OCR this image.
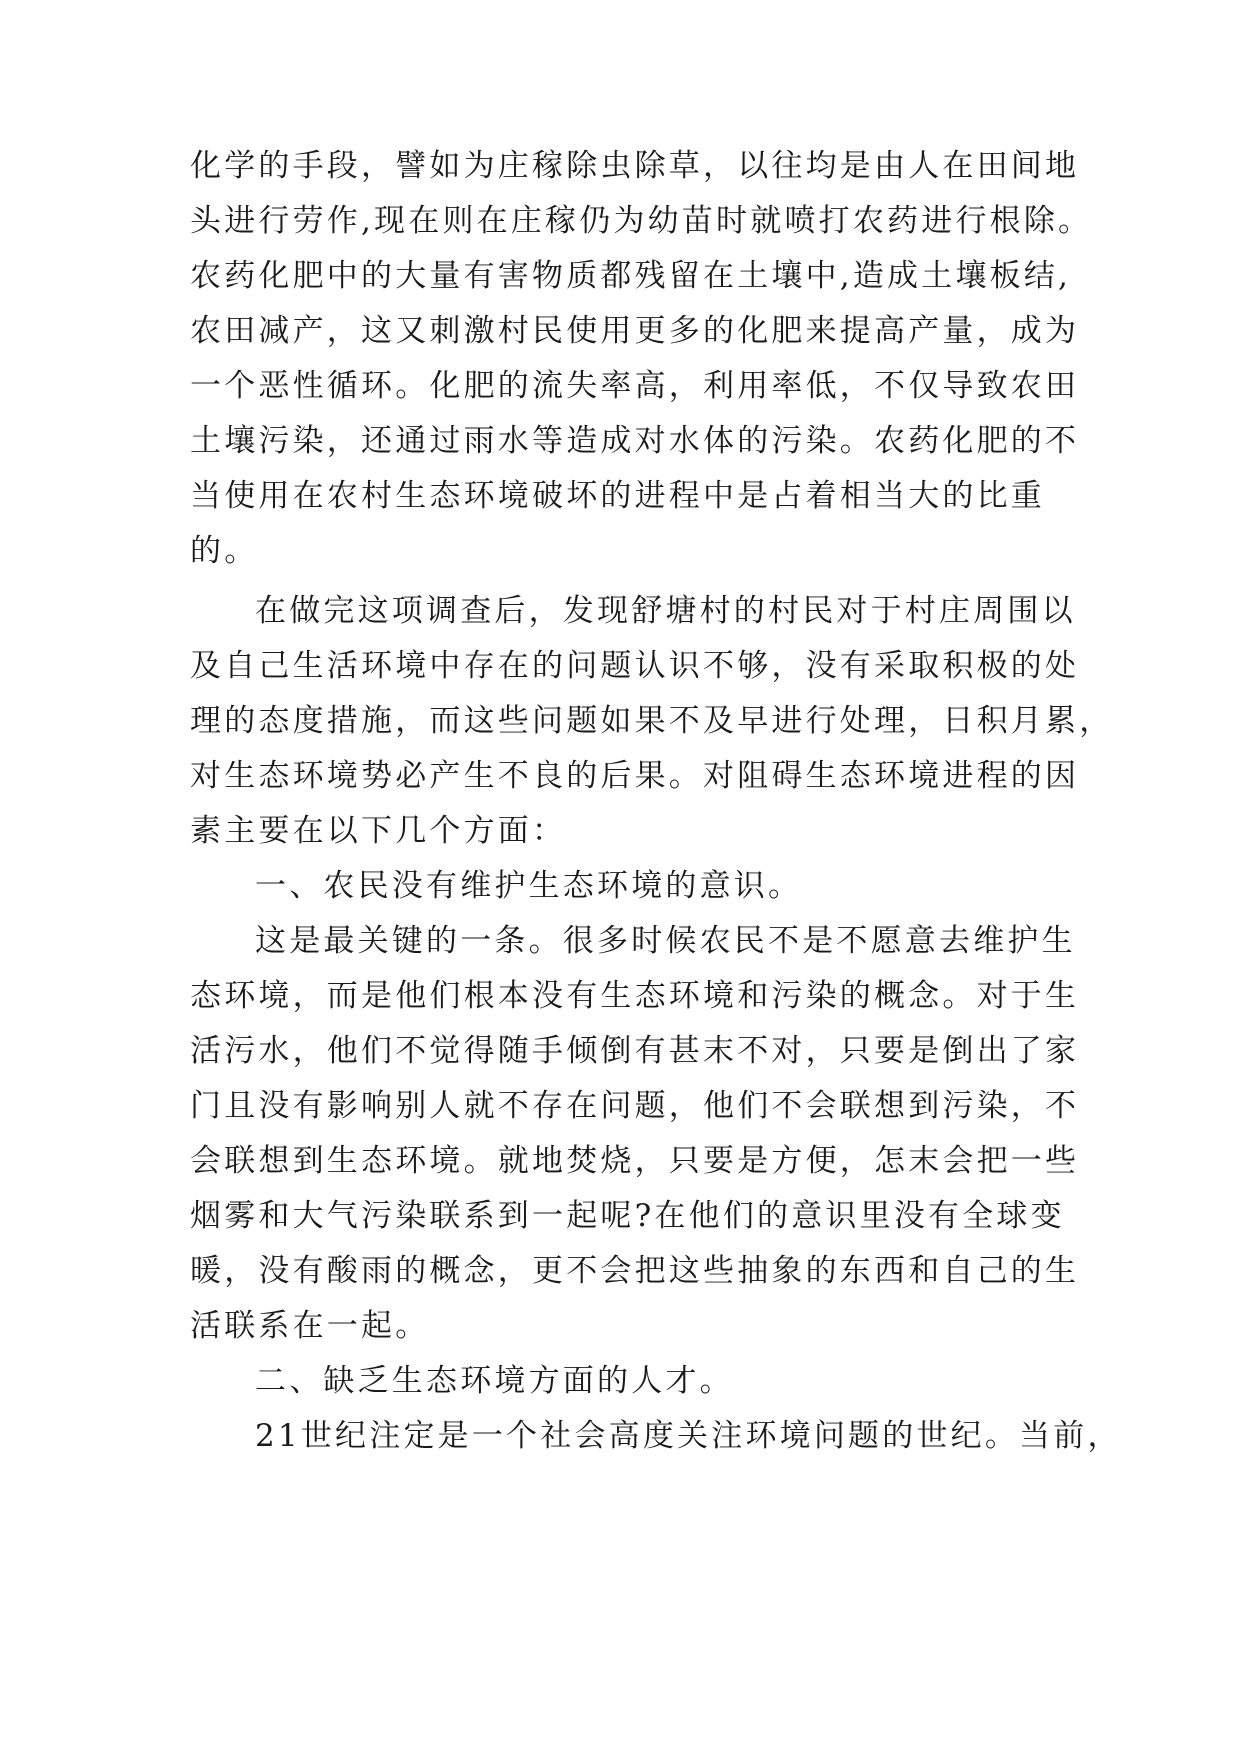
化学的手段，譬如为庄稼除虫除草，以往均是由人在田间地
头进行劳作,现在则在庄稼仍为幼苗时就喷打农药进行根除。
农药化肥中的大量有害物质都残留在土壤中,造成土壤板结,
农田减产，这又刺激村民使用更多的化肥来提高产量，成为
一个恶性循环。化肥的流失率高，利用率低，不仅导致农田
土壤污染，还通过雨水等造成对水体的污染。农药化肥的不
当使用在农村生态环境破坏的进程中是占着相当大的比重
的。
在做完这项调查后，发现舒塘村的村民对于村庄周围以
及自己生活环境中存在的问题认识不够，没有采取积极的处
理的态度措施，而这些问题如果不及早进行处理，日积月累，
对生态环境势必产生不良的后果。对阻碍生态环境进程的因
素主要在以下几个方面：
一、农民没有维护生态环境的意识。
这是最关键的一条。很多时候农民不是不愿意去维护生
态环境，而是他们根本没有生态环境和污染的概念。对于生
活污水，他们不觉得随手倾倒有甚末不对，只要是倒出了家
门且没有影响别人就不存在问题，他们不会联想到污染，不
会联想到生态环境。就地焚烧，只要是方便，怎末会把一些
烟雾和大气污染联系到一起呢?在他们的意识里没有全球变
暖，没有酸雨的概念，更不会把这些抽象的东西和自己的生
活联系在一起。
二、缺乏生态环境方面的人才。
21世纪注定是一个社会高度关注环境问题的世纪。当前，
